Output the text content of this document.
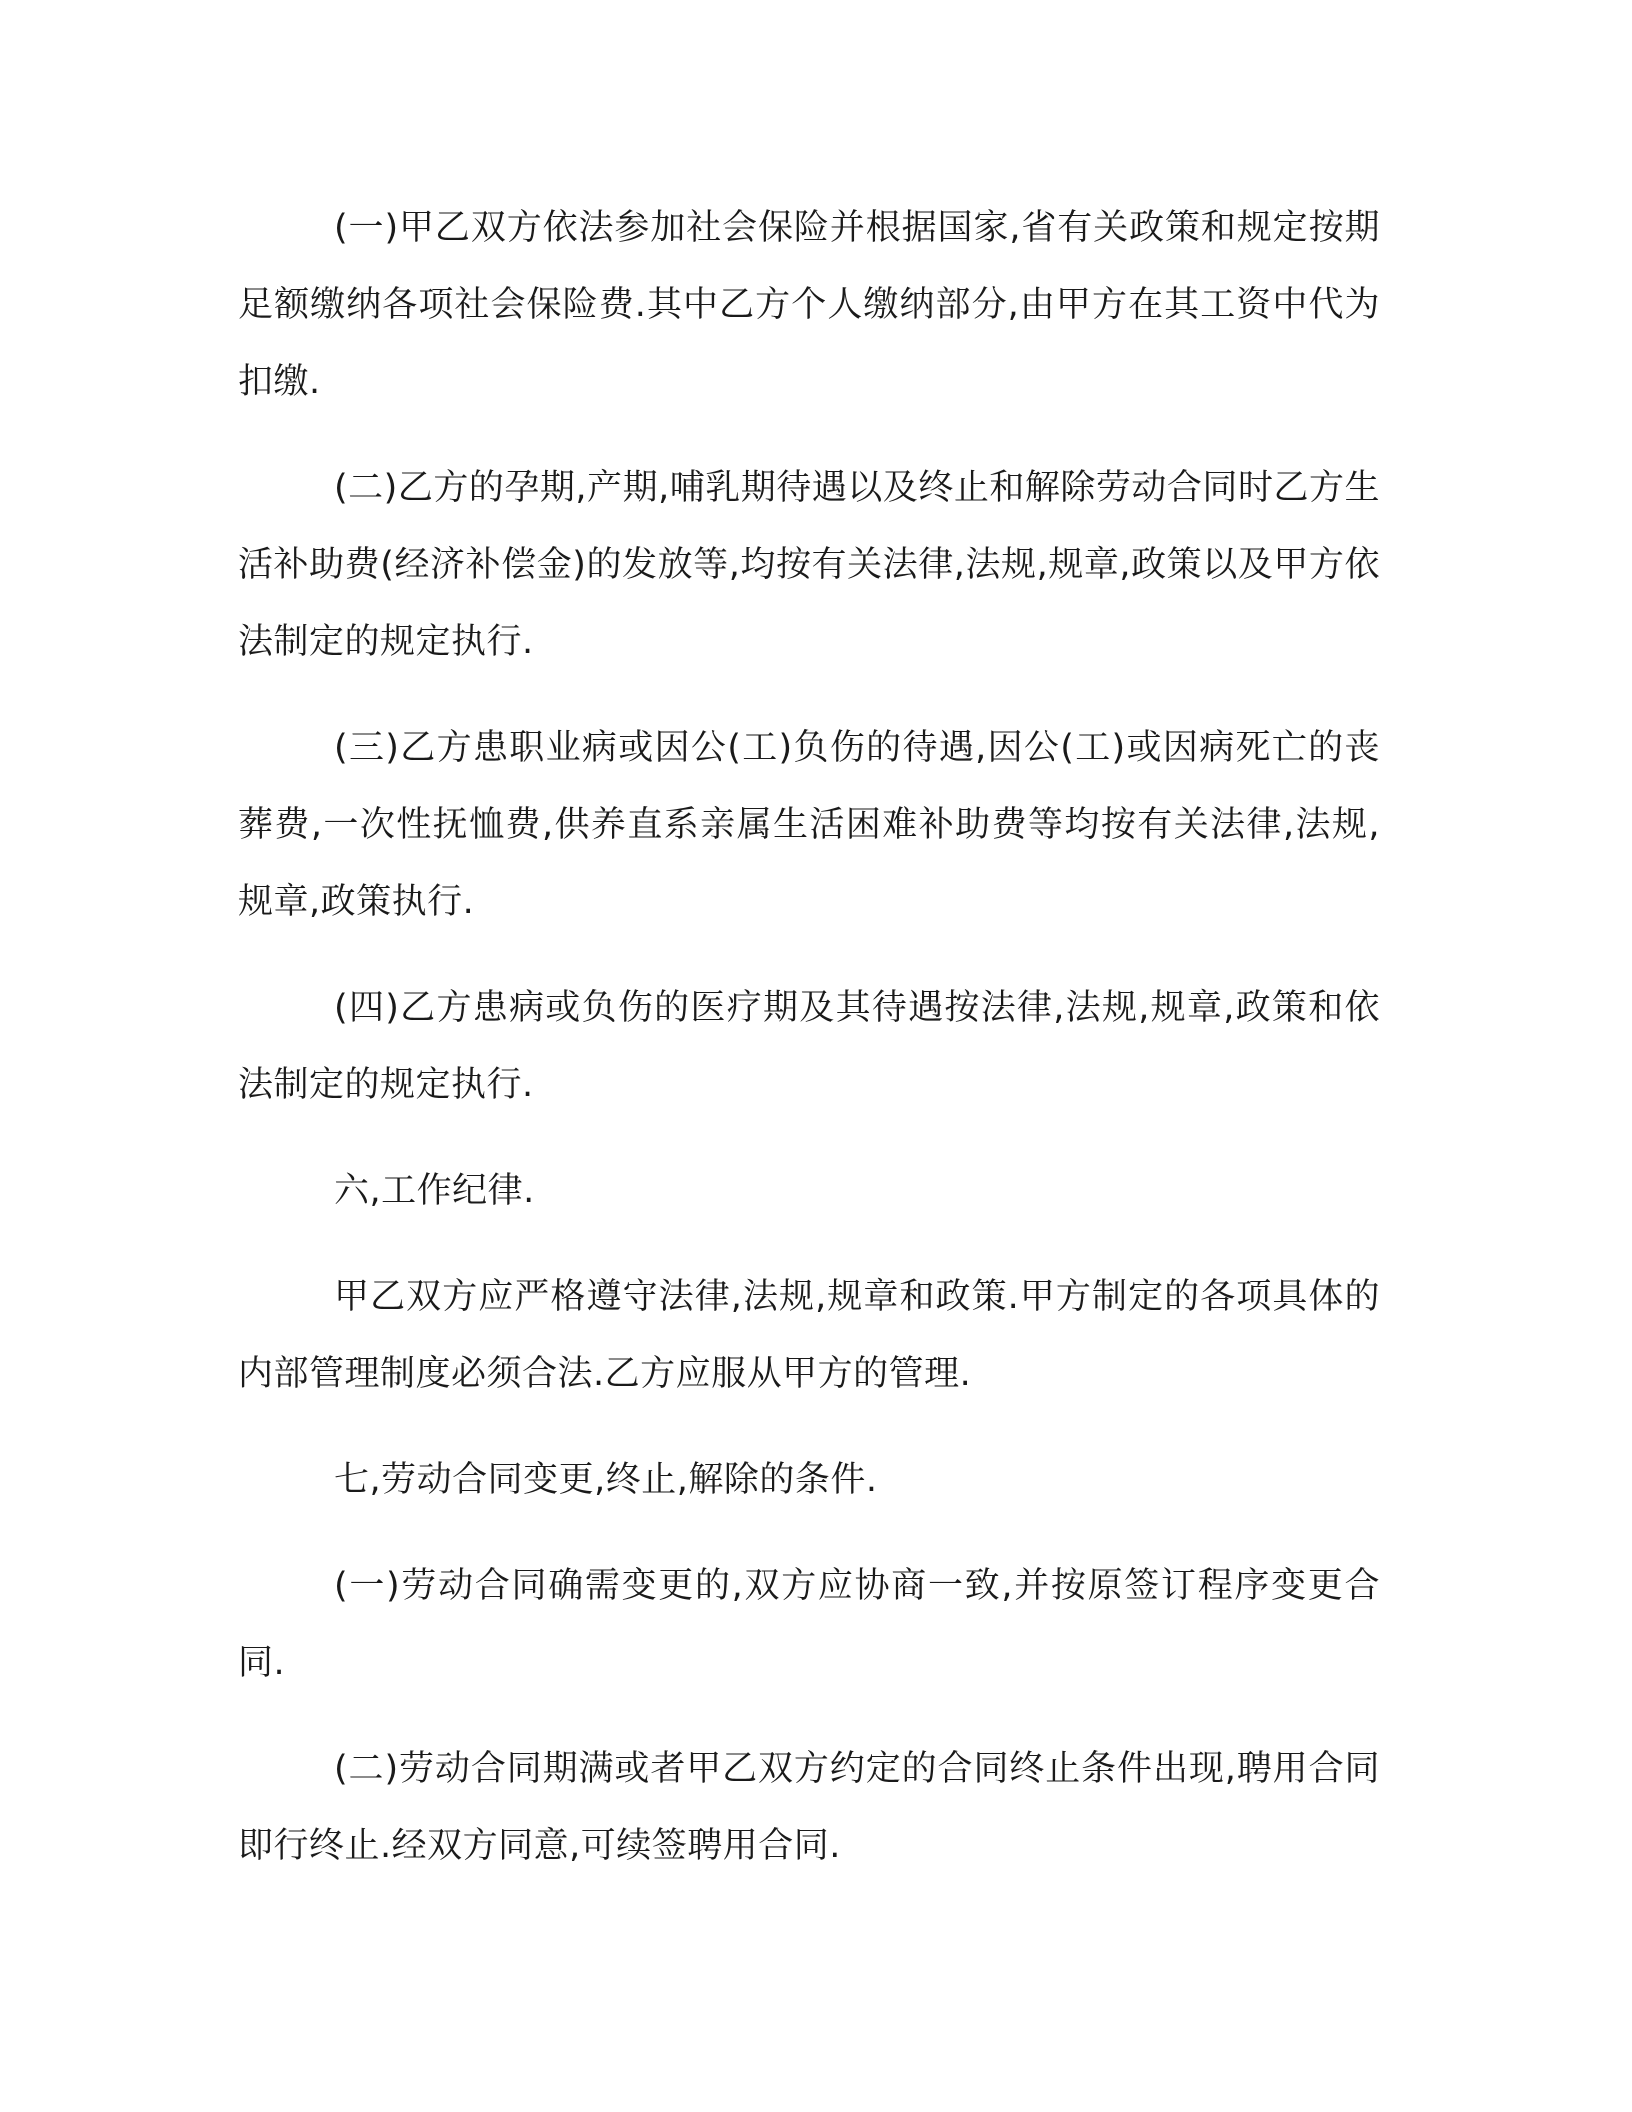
(一)甲乙双方依法参加社会保险并根据国家,省有关政策和规定按期足额缴纳各项社会保险费.其中乙方个人缴纳部分,由甲方在其工资中代为扣缴.

(二)乙方的孕期,产期,哺乳期待遇以及终止和解除劳动合同时乙方生活补助费(经济补偿金)的发放等,均按有关法律,法规,规章,政策以及甲方依法制定的规定执行.

(三)乙方患职业病或因公(工)负伤的待遇,因公(工)或因病死亡的丧葬费,一次性抚恤费,供养直系亲属生活困难补助费等均按有关法律,法规,规章,政策执行.

(四)乙方患病或负伤的医疗期及其待遇按法律,法规,规章,政策和依法制定的规定执行.

六,工作纪律.

甲乙双方应严格遵守法律,法规,规章和政策.甲方制定的各项具体的内部管理制度必须合法.乙方应服从甲方的管理.

七,劳动合同变更,终止,解除的条件.

(一)劳动合同确需变更的,双方应协商一致,并按原签订程序变更合同.

(二)劳动合同期满或者甲乙双方约定的合同终止条件出现,聘用合同即行终止.经双方同意,可续签聘用合同.
